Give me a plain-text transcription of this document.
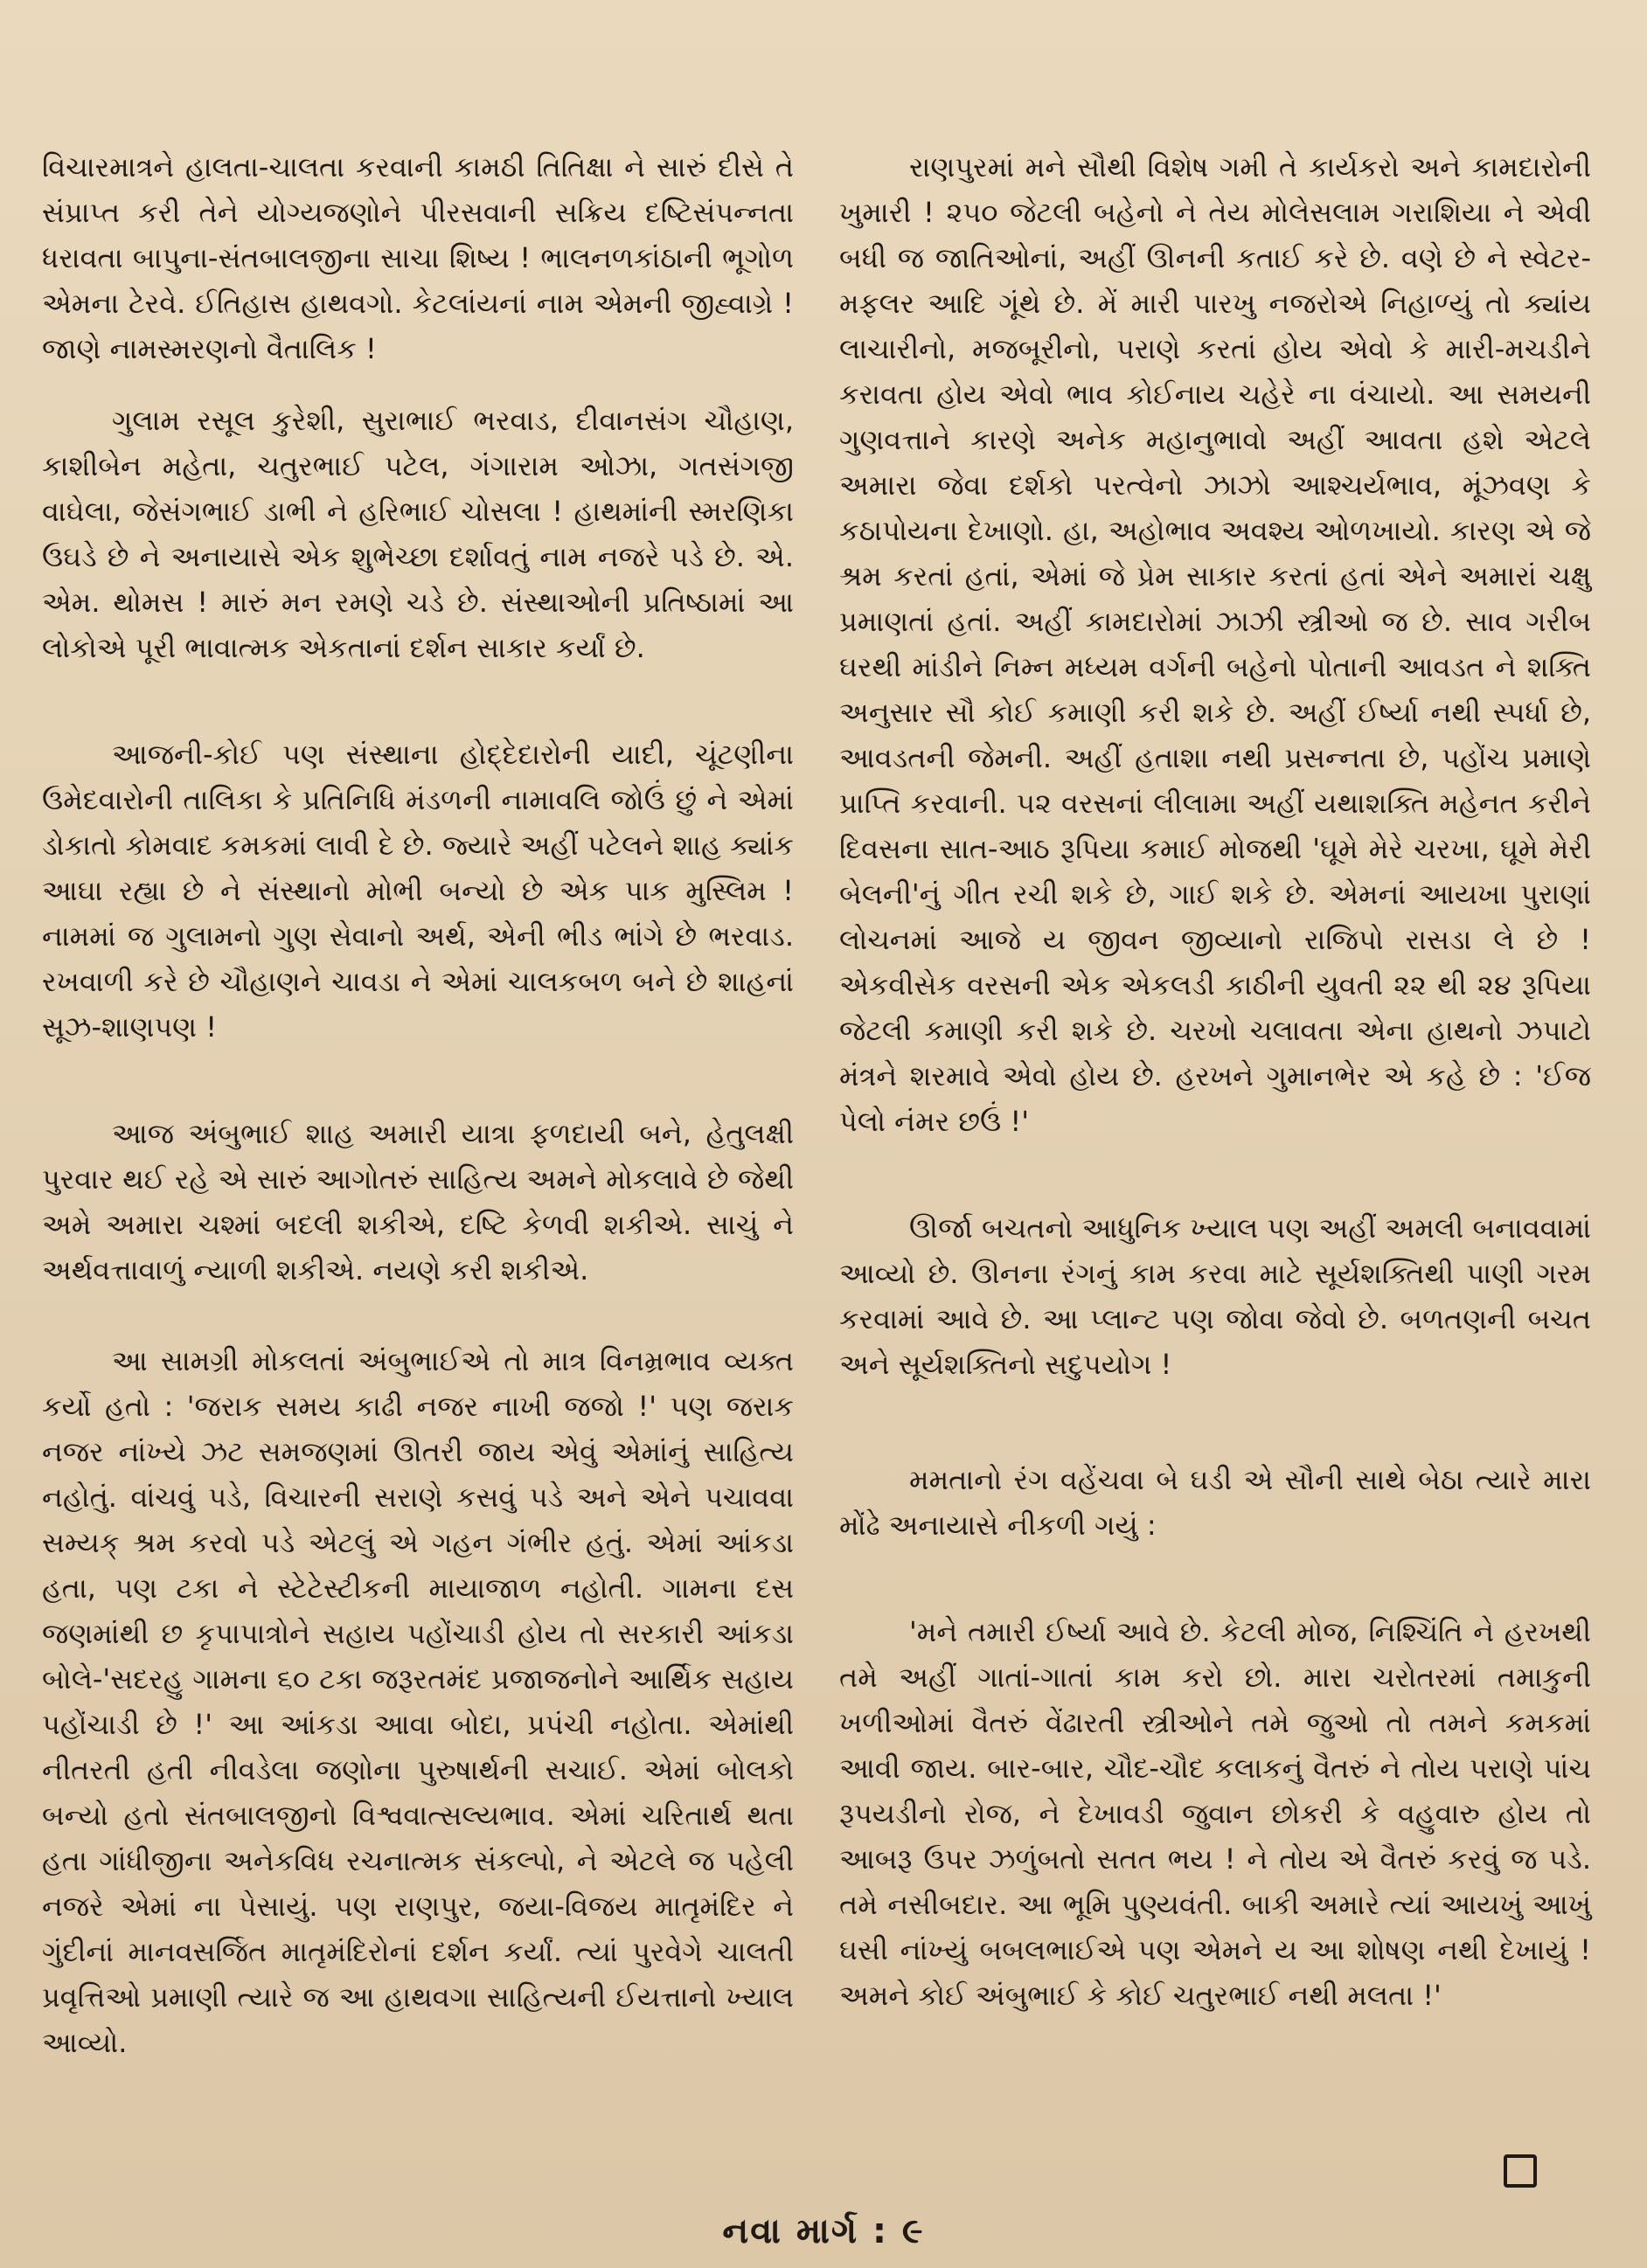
વિચારમાત્રને હાલતા-ચાલતા કરવાની કામઠી તિતિક્ષા ને સારું દીસે તે સંપ્રાપ્ત કરી તેને યોગ્યજણોને પીરસવાની સક્રિય દષ્ટિસંપન્નતા ધરાવતા બાપુના-સંતબાલજીના સાચા શિષ્ય ! ભાલનળકાંઠાની ભૂગોળ એમના ટેરવે. ઈતિહાસ હાથવગો. કેટલાંયનાં નામ એમની જીહ્વાગ્રે ! જાણે નામસ્મરણનો વૈતાલિક !

ગુલામ રસૂલ કુરેશી, સુરાભાઈ ભરવાડ, દીવાનસંગ ચૌહાણ, કાશીબેન મહેતા, ચતુરભાઈ પટેલ, ગંગારામ ઓઝા, ગતસંગજી વાઘેલા, જેસંગભાઈ ડાભી ને હરિભાઈ ચોસલા ! હાથમાંની સ્મરણિકા ઉઘડે છે ને અનાયાસે એક શુભેચ્છા દર્શાવતું નામ નજરે પડે છે. એ. એમ. થોમસ ! મારું મન રમણે ચડે છે. સંસ્થાઓની પ્રતિષ્ઠામાં આ લોકોએ પૂરી ભાવાત્મક એકતાનાં દર્શન સાકાર કર્યાં છે.

આજની-કોઈ પણ સંસ્થાના હોદ્દેદારોની યાદી, ચૂંટણીના ઉમેદવારોની તાલિકા કે પ્રતિનિધિ મંડળની નામાવલિ જોઉં છું ને એમાં ડોકાતો કોમવાદ કમકમાં લાવી દે છે. જ્યારે અહીં પટેલને શાહ ક્યાંક આઘા રહ્યા છે ને સંસ્થાનો મોભી બન્યો છે એક પાક મુસ્લિમ ! નામમાં જ ગુલામનો ગુણ સેવાનો અર્થ, એની ભીડ ભાંગે છે ભરવાડ. રખવાળી કરે છે ચૌહાણને ચાવડા ને એમાં ચાલકબળ બને છે શાહનાં સૂઝ-શાણપણ !

આજ અંબુભાઈ શાહ અમારી યાત્રા ફળદાયી બને, હેતુલક્ષી પુરવાર થઈ રહે એ સારું આગોતરું સાહિત્ય અમને મોકલાવે છે જેથી અમે અમારા ચશ્માં બદલી શકીએ, દષ્ટિ કેળવી શકીએ. સાચું ને અર્થવત્તાવાળું ન્યાળી શકીએ. નયણે કરી શકીએ.

આ સામગ્રી મોકલતાં અંબુભાઈએ તો માત્ર વિનમ્રભાવ વ્યક્ત કર્યો હતો : 'જરાક સમય કાઢી નજર નાખી જજો !' પણ જરાક નજર નાંખ્યે ઝટ સમજણમાં ઊતરી જાય એવું એમાંનું સાહિત્ય નહોતું. વાંચવું પડે, વિચારની સરાણે કસવું પડે અને એને પચાવવા સમ્યક્ શ્રમ કરવો પડે એટલું એ ગહન ગંભીર હતું. એમાં આંકડા હતા, પણ ટકા ને સ્ટેટેસ્ટીકની માયાજાળ નહોતી. ગામના દસ જણમાંથી છ કૃપાપાત્રોને સહાય પહોંચાડી હોય તો સરકારી આંકડા બોલે-'સદરહુ ગામના ૬૦ ટકા જરૂરતમંદ પ્રજાજનોને આર્થિક સહાય પહોંચાડી છે !' આ આંકડા આવા બોદા, પ્રપંચી નહોતા. એમાંથી નીતરતી હતી નીવડેલા જણોના પુરુષાર્થની સચાઈ. એમાં બોલકો બન્યો હતો સંતબાલજીનો વિશ્વવાત્સલ્યભાવ. એમાં ચરિતાર્થ થતા હતા ગાંધીજીના અનેકવિધ રચનાત્મક સંકલ્પો, ને એટલે જ પહેલી નજરે એમાં ના પેસાયું. પણ રાણપુર, જયા-વિજય માતૃમંદિર ને ગુંદીનાં માનવસર્જિત માતૃમંદિરોનાં દર્શન કર્યાં. ત્યાં પુરવેગે ચાલતી પ્રવૃત્તિઓ પ્રમાણી ત્યારે જ આ હાથવગા સાહિત્યની ઈયત્તાનો ખ્યાલ આવ્યો.

રાણપુરમાં મને સૌથી વિશેષ ગમી તે કાર્યકરો અને કામદારોની ખુમારી ! ૨૫૦ જેટલી બહેનો ને તેય મોલેસલામ ગરાશિયા ને એવી બધી જ જાતિઓનાં, અહીં ઊનની કતાઈ કરે છે. વણે છે ને સ્વેટર-મફલર આદિ ગૂંથે છે. મેં મારી પારખુ નજરોએ નિહાળ્યું તો ક્યાંય લાચારીનો, મજબૂરીનો, પરાણે કરતાં હોય એવો કે મારી-મચડીને કરાવતા હોય એવો ભાવ કોઈનાય ચહેરે ના વંચાયો. આ સમયની ગુણવત્તાને કારણે અનેક મહાનુભાવો અહીં આવતા હશે એટલે અમારા જેવા દર્શકો પરત્વેનો ઝાઝો આશ્ચર્યભાવ, મૂંઝવણ કે કઠાપોયના દેખાણો. હા, અહોભાવ અવશ્ય ઓળખાયો. કારણ એ જે શ્રમ કરતાં હતાં, એમાં જે પ્રેમ સાકાર કરતાં હતાં એને અમારાં ચક્ષુ પ્રમાણતાં હતાં. અહીં કામદારોમાં ઝાઝી સ્ત્રીઓ જ છે. સાવ ગરીબ ઘરથી માંડીને નિમ્ન મધ્યમ વર્ગની બહેનો પોતાની આવડત ને શક્તિ અનુસાર સૌ કોઈ કમાણી કરી શકે છે. અહીં ઈર્ષ્યા નથી સ્પર્ધા છે, આવડતની જેમની. અહીં હતાશા નથી પ્રસન્નતા છે, પહોંચ પ્રમાણે પ્રાપ્તિ કરવાની. ૫૨ વરસનાં લીલામા અહીં યથાશક્તિ મહેનત કરીને દિવસના સાત-આઠ રૂપિયા કમાઈ મોજથી 'ઘૂમે મેરે ચરખા, ઘૂમે મેરી બેલની'નું ગીત રચી શકે છે, ગાઈ શકે છે. એમનાં આયખા પુરાણાં લોચનમાં આજે ય જીવન જીવ્યાનો રાજિપો રાસડા લે છે ! એકવીસેક વરસની એક એકલડી કાઠીની યુવતી ૨૨ થી ૨૪ રૂપિયા જેટલી કમાણી કરી શકે છે. ચરખો ચલાવતા એના હાથનો ઝપાટો મંત્રને શરમાવે એવો હોય છે. હરખને ગુમાનભેર એ કહે છે : 'ઈજ પેલો નંમર છઉં !'

ઊર્જા બચતનો આધુનિક ખ્યાલ પણ અહીં અમલી બનાવવામાં આવ્યો છે. ઊનના રંગનું કામ કરવા માટે સૂર્યશક્તિથી પાણી ગરમ કરવામાં આવે છે. આ પ્લાન્ટ પણ જોવા જેવો છે. બળતણની બચત અને સૂર્યશક્તિનો સદુપયોગ !

મમતાનો રંગ વહેંચવા બે ઘડી એ સૌની સાથે બેઠા ત્યારે મારા મોંઢે અનાયાસે નીકળી ગયું :

'મને તમારી ઈર્ષ્યા આવે છે. કેટલી મોજ, નિશ્ચિંતિ ને હરખથી તમે અહીં ગાતાં-ગાતાં કામ કરો છો. મારા ચરોતરમાં તમાકુની ખળીઓમાં વૈતરું વેંઢારતી સ્ત્રીઓને તમે જુઓ તો તમને કમકમાં આવી જાય. બાર-બાર, ચૌદ-ચૌદ કલાકનું વૈતરું ને તોય પરાણે પાંચ રૂપયડીનો રોજ, ને દેખાવડી જુવાન છોકરી કે વહુવારુ હોય તો આબરૂ ઉપર ઝળુંબતો સતત ભય ! ને તોય એ વૈતરું કરવું જ પડે. તમે નસીબદાર. આ ભૂમિ પુણ્યવંતી. બાકી અમારે ત્યાં આયખું આખું ઘસી નાંખ્યું બબલભાઈએ પણ એમને ય આ શોષણ નથી દેખાયું ! અમને કોઈ અંબુભાઈ કે કોઈ ચતુરભાઈ નથી મલતા !'

નવા માર્ગ : ૯
